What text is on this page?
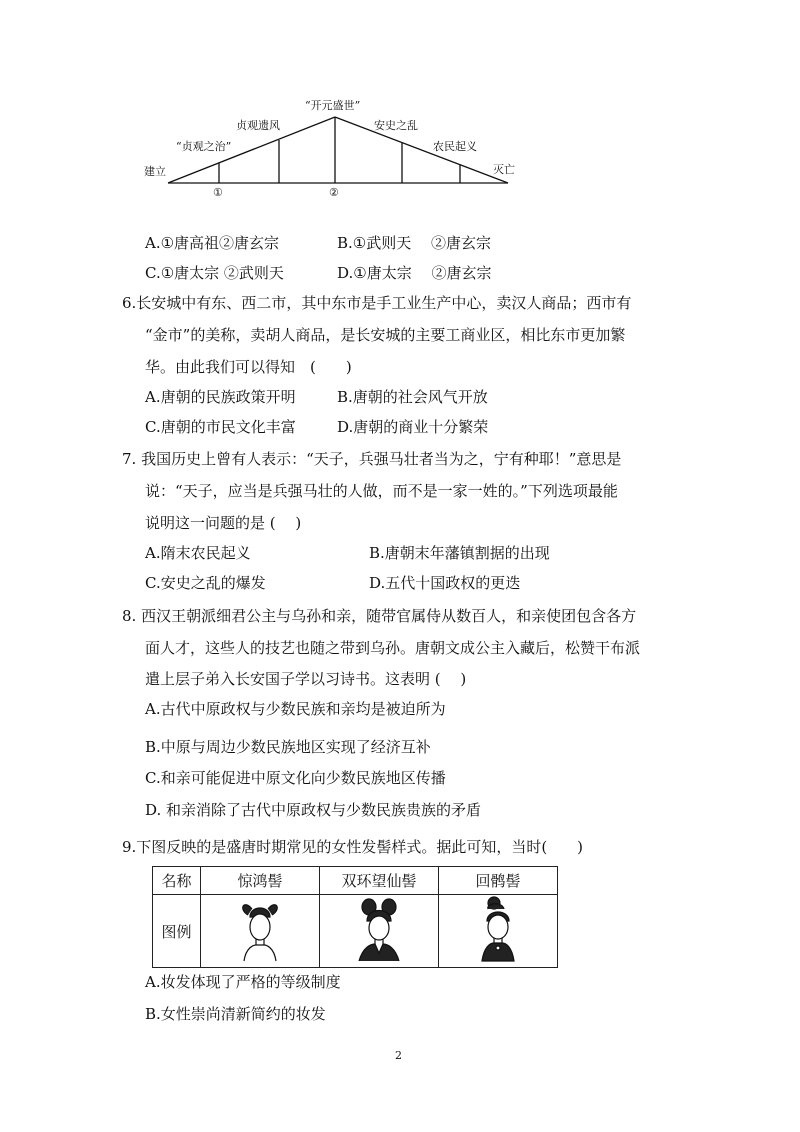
“开元盛世”
贞观遗风	安史之乱
“贞观之治”	农民起义
建立	灭亡
①	②
A.①唐高祖②唐玄宗	B.①武则天　 ②唐玄宗
C.①唐太宗 ②武则天	D.①唐太宗　 ②唐玄宗
6.长安城中有东、西二市，其中东市是手工业生产中心，卖汉人商品；西市有
“金市”的美称，卖胡人商品，是长安城的主要工商业区，相比东市更加繁
华。由此我们可以得知　(　　)
A.唐朝的民族政策开明	B.唐朝的社会风气开放
C.唐朝的市民文化丰富	D.唐朝的商业十分繁荣
7. 我国历史上曾有人表示：“天子，兵强马壮者当为之，宁有种耶！”意思是
说：“天子，应当是兵强马壮的人做，而不是一家一姓的。”下列选项最能
说明这一问题的是 (　 )
A.隋末农民起义	B.唐朝末年藩镇割据的出现
C.安史之乱的爆发	D.五代十国政权的更迭
8. 西汉王朝派细君公主与乌孙和亲，随带官属侍从数百人，和亲使团包含各方
面人才，这些人的技艺也随之带到乌孙。唐朝文成公主入藏后，松赞干布派
遣上层子弟入长安国子学以习诗书。这表明 (　 )
A.古代中原政权与少数民族和亲均是被迫所为
B.中原与周边少数民族地区实现了经济互补
C.和亲可能促进中原文化向少数民族地区传播
D. 和亲消除了古代中原政权与少数民族贵族的矛盾
9.下图反映的是盛唐时期常见的女性发髻样式。据此可知，当时(　　)
名称	惊鸿髻	双环望仙髻	回鹘髻
图例			
A.妆发体现了严格的等级制度
B.女性崇尚清新简约的妆发
2
